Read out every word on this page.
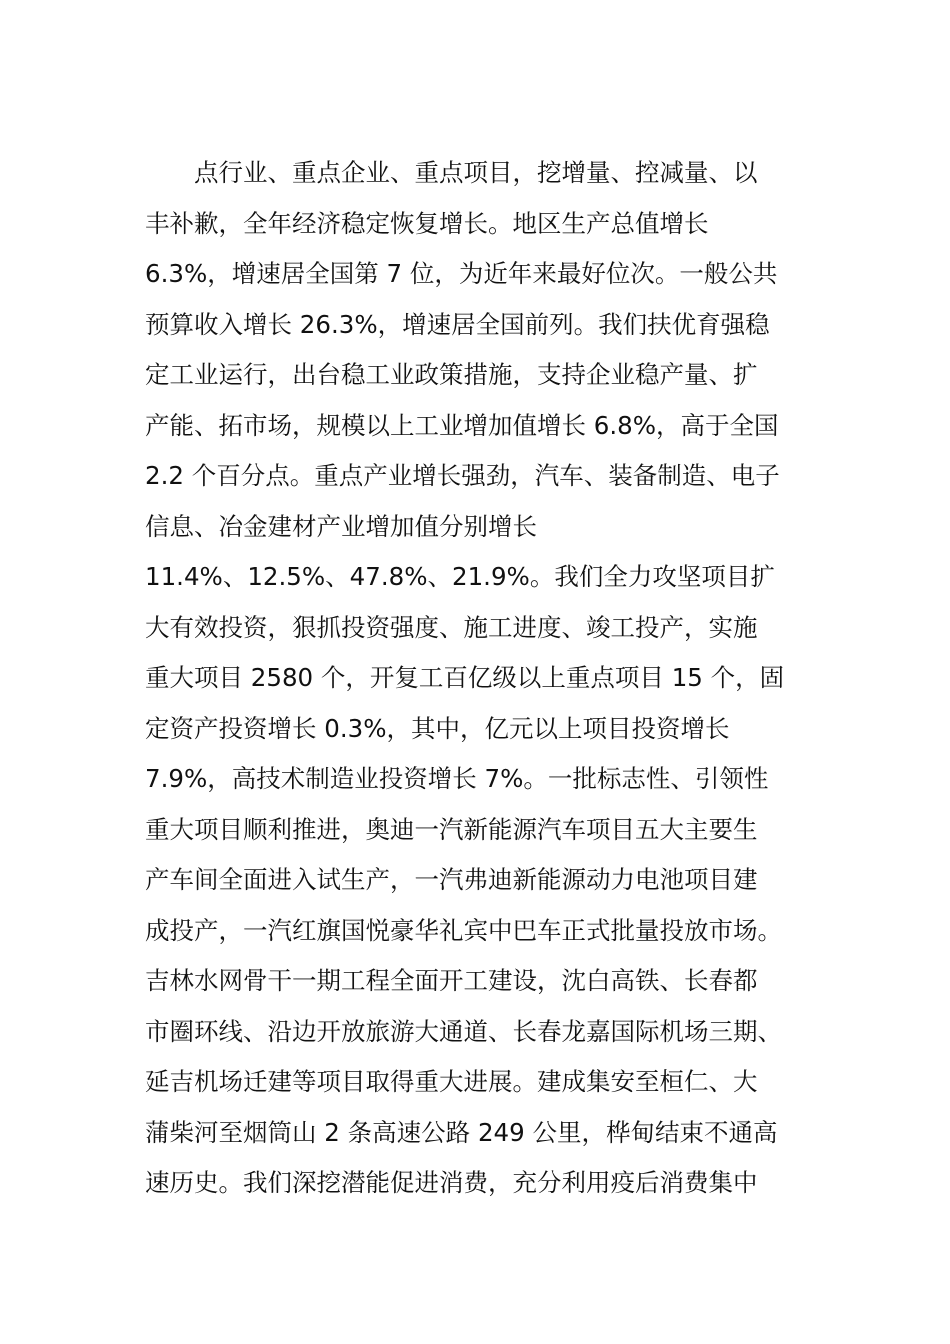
点行业、重点企业、重点项目，挖增量、控减量、以
丰补歉，全年经济稳定恢复增长。地区生产总值增长
6.3%，增速居全国第 7 位，为近年来最好位次。一般公共
预算收入增长 26.3%，增速居全国前列。我们扶优育强稳
定工业运行，出台稳工业政策措施，支持企业稳产量、扩
产能、拓市场，规模以上工业增加值增长 6.8%，高于全国
2.2 个百分点。重点产业增长强劲，汽车、装备制造、电子
信息、冶金建材产业增加值分别增长
11.4%、12.5%、47.8%、21.9%。我们全力攻坚项目扩
大有效投资，狠抓投资强度、施工进度、竣工投产，实施
重大项目 2580 个，开复工百亿级以上重点项目 15 个，固
定资产投资增长 0.3%，其中，亿元以上项目投资增长
7.9%，高技术制造业投资增长 7%。一批标志性、引领性
重大项目顺利推进，奥迪一汽新能源汽车项目五大主要生
产车间全面进入试生产，一汽弗迪新能源动力电池项目建
成投产，一汽红旗国悦豪华礼宾中巴车正式批量投放市场。
吉林水网骨干一期工程全面开工建设，沈白高铁、长春都
市圈环线、沿边开放旅游大通道、长春龙嘉国际机场三期、
延吉机场迁建等项目取得重大进展。建成集安至桓仁、大
蒲柴河至烟筒山 2 条高速公路 249 公里，桦甸结束不通高
速历史。我们深挖潜能促进消费，充分利用疫后消费集中
